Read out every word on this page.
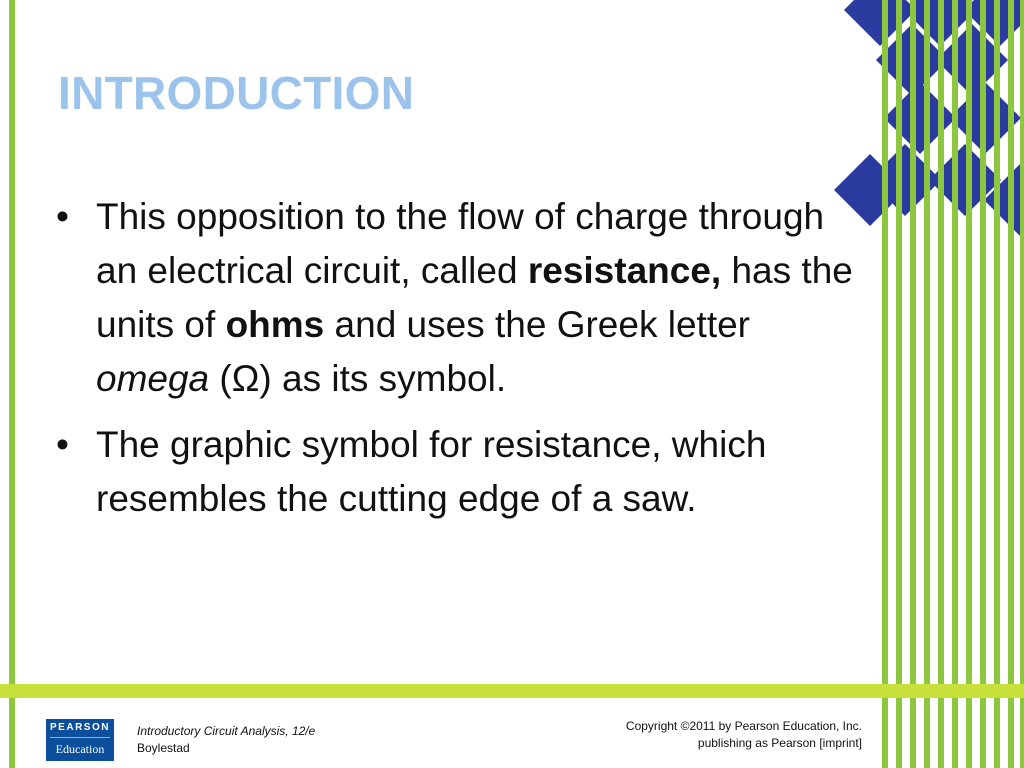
INTRODUCTION
• This opposition to the flow of charge through an electrical circuit, called resistance, has the units of ohms and uses the Greek letter omega (Ω) as its symbol.
• The graphic symbol for resistance, which resembles the cutting edge of a saw.
PEARSON
Education
Introductory Circuit Analysis, 12/e
Boylestad
Copyright ©2011 by Pearson Education, Inc.
publishing as Pearson [imprint]
